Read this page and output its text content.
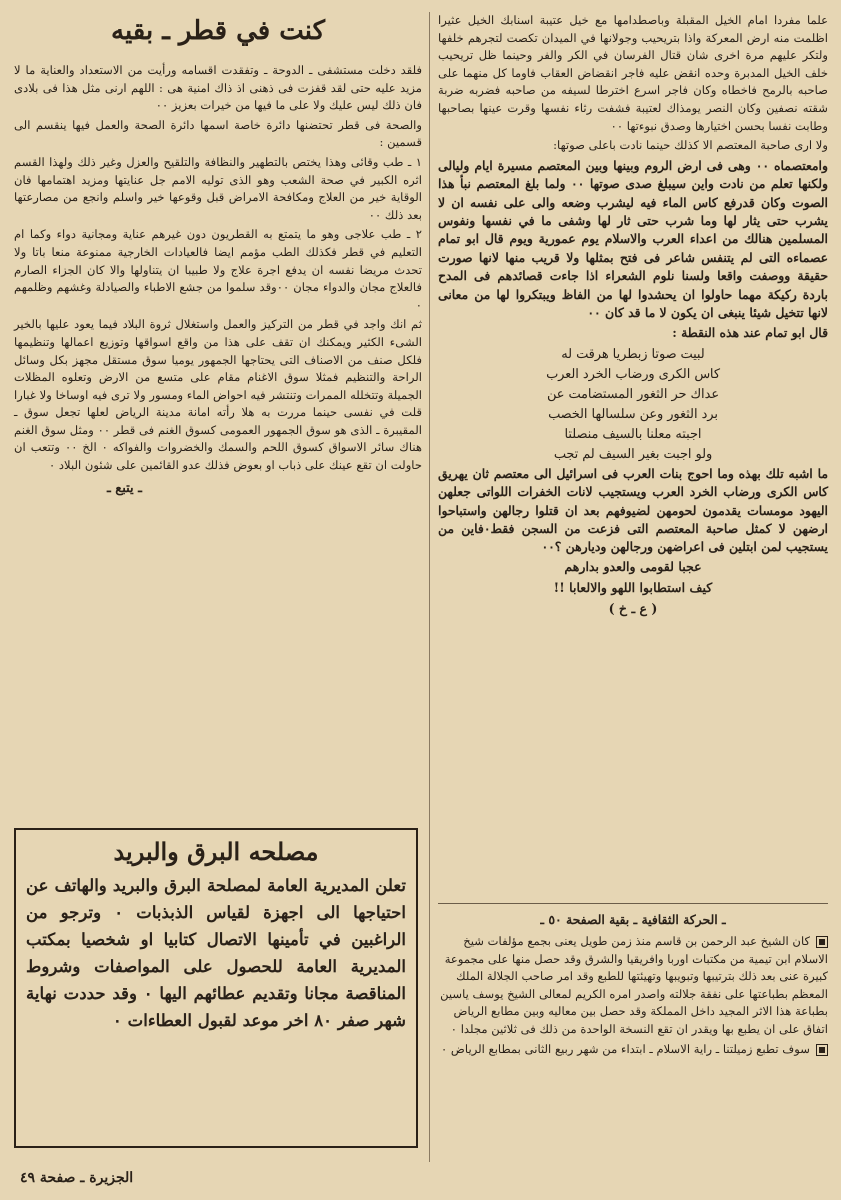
علما مفردا امام الخيل المقبلة وباصطدامها مع خيل عتيبة اسنابك الخيل عثيرا اظلمت منه ارض المعركة واذا بتريحيب وجولانها في الميدان تكصت لتجرهم خلفها ولتكر عليهم مرة اخرى شان قتال الفرسان في الكر والفر وحينما ظل تريحيب خلف الخيل المدبرة وحده انقض عليه فاجر انقضاض العقاب فاوما كل منهما على صاحبه بالرمح فاخطاه وكان فاجر اسرع اخترطا لسيفه من صاحبه فضربه ضربة شقته نصفين وكان النصر يومذاك لعتيبة فشفت رثاء نفسها وقرت عينها بصاحبها وطابت نفسا بحسن اختيارها وصدق نبوءتها ٠٠

ولا ارى صاحبة المعتصم الا كذلك حينما نادت باعلى صوتها:

وامعتصماه ٠٠ وهى فى ارض الروم وبينها وبين المعتصم مسيرة ايام وليالى ولكنها تعلم من نادت واين سيبلغ صدى صوتها ٠٠ ولما بلغ المعتصم نبأ هذا الصوت وكان قدرفع كاس الماء فيه ليشرب وضعه والى على نفسه ان لا يشرب حتى يثار لها وما شرب حتى ثار لها وشفى ما في نفسها ونفوس المسلمين هنالك من اعداء العرب والاسلام يوم عمورية ويوم قال ابو تمام عصماءه التى لم يتنفس شاعر فى فتح بمثلها ولا قريب منها لانها صورت حقيقة ووصفت واقعا ولسنا نلوم الشعراء اذا جاءت قصائدهم فى المدح باردة ركيكة مهما حاولوا ان يحشدوا لها من الفاظ ويبتكروا لها من معانى لانها تتخيل شيئا ينبغى ان يكون لا ما قد كان ٠٠

قال ابو تمام عند هذه النقطة :

لبيت صوتا زبطريا هرقت له

كاس الكرى ورضاب الخرد العرب

عداك حر الثغور المستضامت عن

برد الثغور وعن سلسالها الخصب

اجبته معلنا بالسيف منصلتا

ولو اجبت بغير السيف لم تجب

ما اشبه تلك بهذه وما احوج بنات العرب فى اسرائيل الى معتصم ثان يهريق كاس الكرى ورضاب الخرد العرب ويستجيب لانات الخفرات اللواتى جعلهن اليهود مومسات يقدمون لحومهن لضيوفهم بعد ان قتلوا رجالهن واستباحوا ارضهن لا كمثل صاحبة المعتصم التى فزعت من السجن فقط٠فاين من يستجيب لمن ابتلين فى اعراضهن ورجالهن وديارهن ؟٠٠

عجبا لقومى والعدو بدارهم

كيف استطابوا اللهو والالعابا !!

( ع ـ خ )

ـ الحركة الثقافية ـ بقية الصفحة ٥٠ ـ

كان الشيخ عبد الرحمن بن قاسم منذ زمن طويل يعنى بجمع مؤلفات شيخ الاسلام ابن تيمية من مكتبات اوربا وافريقيا والشرق وقد حصل منها على مجموعة كبيرة عنى بعد ذلك بترتيبها وتبويبها وتهيئتها للطبع وقد امر صاحب الجلالة الملك المعظم بطباعتها على نفقة جلالته واصدر امره الكريم لمعالى الشيخ يوسف ياسين بطباعة هذا الاثر المجيد داخل المملكة وقد حصل بين معاليه وبين مطابع الرياض اتفاق على ان يطبع بها ويقدر ان تقع النسخة الواحدة من ذلك فى ثلاثين مجلدا ٠

سوف تطبع زميلتنا ـ راية الاسلام ـ ابتداء من شهر ربيع الثانى بمطابع الرياض ٠

كنت في قطر ـ بقيه

فلقد دخلت مستشفى ـ الدوحة ـ وتفقدت اقسامه ورأيت من الاستعداد والعناية ما لا مزيد عليه حتى لقد قفزت فى ذهنى اذ ذاك امنية هى : اللهم ارنى مثل هذا فى بلادى فان ذلك ليس عليك ولا على ما فيها من خيرات بعزيز ٠٠

والصحة فى قطر تحتضنها دائرة خاصة اسمها دائرة الصحة والعمل فيها ينقسم الى قسمين :

١ ـ طب وقائى وهذا يختص بالتطهير والنظافة والتلقيح والعزل وغير ذلك ولهذا القسم اثره الكبير في صحة الشعب وهو الذى توليه الامم جل عنايتها ومزيد اهتمامها فان الوقاية خير من العلاج ومكافحة الامراض قبل وقوعها خير واسلم وانجع من مصارعتها بعد ذلك ٠٠

٢ ـ طب علاجى وهو ما يتمتع به القطريون دون غيرهم عناية ومجانية دواء وكما ام التعليم في قطر فكذلك الطب مؤمم ايضا فالعيادات الخارجية ممنوعة منعا باتا ولا تحدث مريضا نفسه ان يدفع اجرة علاج ولا طبيبا ان يتناولها والا كان الجزاء الصارم فالعلاج مجان والدواء مجان ٠٠وقد سلموا من جشع الاطباء والصيادلة وغشهم وظلمهم ٠

ثم انك واجد في قطر من التركيز والعمل واستغلال ثروة البلاد فيما يعود عليها بالخير الشىء الكثير ويمكنك ان تقف على هذا من واقع اسواقها وتوزيع اعمالها وتنظيمها فلكل صنف من الاصناف التى يحتاجها الجمهور يوميا سوق مستقل مجهز بكل وسائل الراحة والتنظيم فمثلا سوق الاغنام مقام على متسع من الارض وتعلوه المظلات الجميلة وتتخلله الممرات وتنتشر فيه احواض الماء ومسور ولا ترى فيه اوساخا ولا غبارا قلت في نفسى حينما مررت به هلا رأته امانة مدينة الرياض لعلها تجعل سوق ـ المقيبرة ـ الذى هو سوق الجمهور العمومى كسوق الغنم فى قطر ٠٠ ومثل سوق الغنم هناك سائر الاسواق كسوق اللحم والسمك والخضروات والفواكه ٠ الخ ٠٠ وتتعب ان حاولت ان تقع عينك على ذباب او بعوض فذلك عدو القائمين على شئون البلاد ٠

ـ يتبع ـ
مصلحه البرق والبريد

تعلن المديرية العامة لمصلحة البرق والبريد والهاتف عن احتياجها الى اجهزة لقياس الذبذبات ٠ وترجو من الراغبين في تأمينها الاتصال كتابيا او شخصيا بمكتب المديرية العامة للحصول على المواصفات وشروط المناقصة مجانا وتقديم عطائهم اليها ٠ وقد حددت نهاية شهر صفر ٨٠ اخر موعد لقبول العطاءات ٠

الجزيرة ـ صفحة ٤٩
